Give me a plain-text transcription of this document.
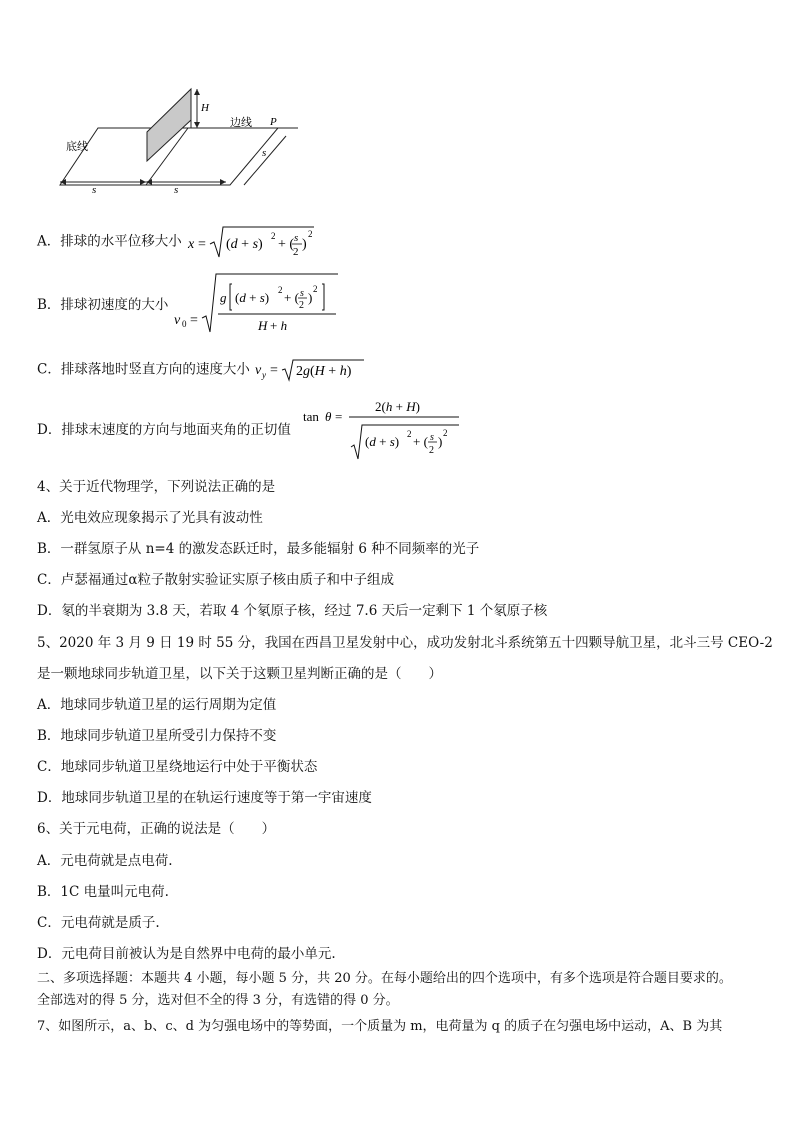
H
边线 P
底线
s	s
s
A．排球的水平位移大小 x = (d + s)
2
+ ( s
2 )
2
B．排球初速度的大小
v 0 =
g (d + s) 2 + ( s
2
)
2
H + h
C．排球落地时竖直方向的速度大小 v y = 2g(H + h)
D．排球末速度的方向与地面夹角的正切值
tan θ =
2(h + H)
(d + s) 2 + ( s
2
)
2
4、关于近代物理学，下列说法正确的是
A．光电效应现象揭示了光具有波动性
B．一群氢原子从 n=4 的激发态跃迁时，最多能辐射 6 种不同频率的光子
C．卢瑟福通过α粒子散射实验证实原子核由质子和中子组成
D．氡的半衰期为 3.8 天，若取 4 个氡原子核，经过 7.6 天后一定剩下 1 个氡原子核
5、2020 年 3 月 9 日 19 时 55 分，我国在西昌卫星发射中心，成功发射北斗系统第五十四颗导航卫星，北斗三号 CEO-2
是一颗地球同步轨道卫星，以下关于这颗卫星判断正确的是（　　）
A．地球同步轨道卫星的运行周期为定值
B．地球同步轨道卫星所受引力保持不变
C．地球同步轨道卫星绕地运行中处于平衡状态
D．地球同步轨道卫星的在轨运行速度等于第一宇宙速度
6、关于元电荷，正确的说法是（　　）
A．元电荷就是点电荷.
B．1C 电量叫元电荷.
C．元电荷就是质子.
D．元电荷目前被认为是自然界中电荷的最小单元.
二、多项选择题：本题共 4 小题，每小题 5 分，共 20 分。在每小题给出的四个选项中，有多个选项是符合题目要求的。
全部选对的得 5 分，选对但不全的得 3 分，有选错的得 0 分。
7、如图所示，a、b、c、d 为匀强电场中的等势面，一个质量为 m，电荷量为 q 的质子在匀强电场中运动，A、B 为其
